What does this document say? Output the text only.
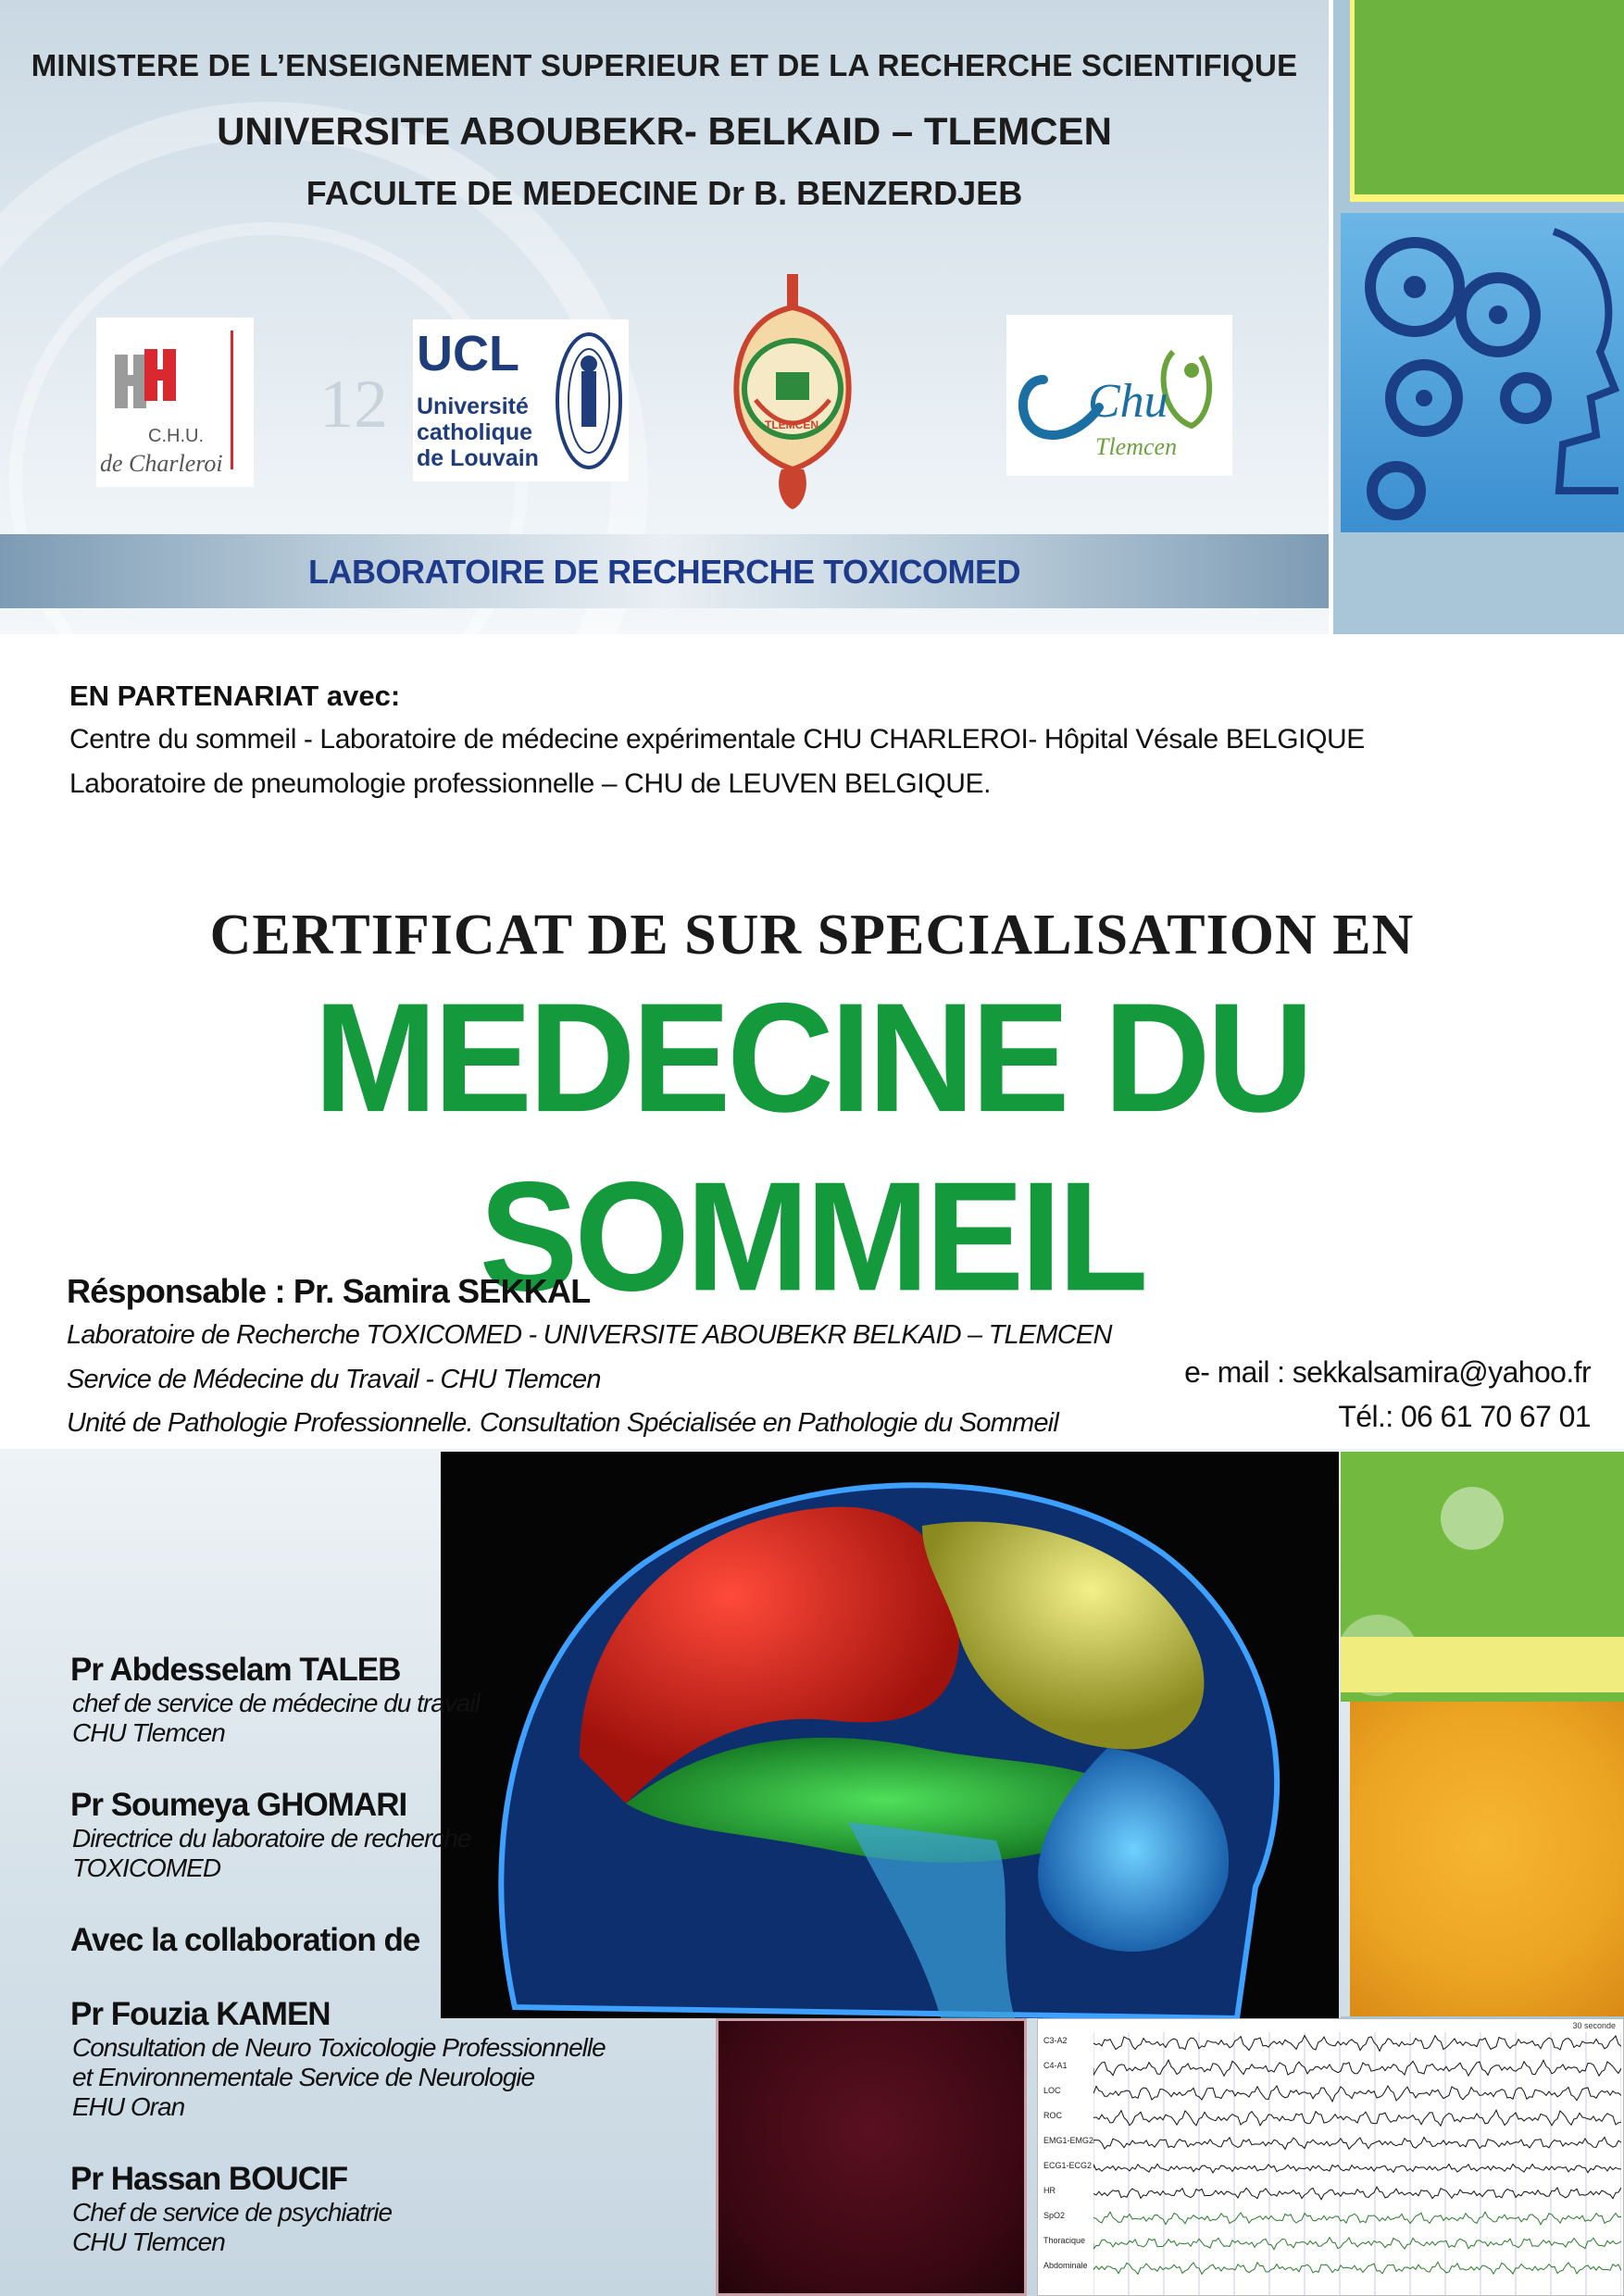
12
MINISTERE DE L’ENSEIGNEMENT SUPERIEUR ET DE LA RECHERCHE SCIENTIFIQUE
UNIVERSITE ABOUBEKR- BELKAID – TLEMCEN
FACULTE DE MEDECINE Dr B. BENZERDJEB
C.H.U.
de Charleroi
UCL
Université
catholique
de Louvain
TLEMCEN	Chu
Tlemcen
LABORATOIRE DE RECHERCHE TOXICOMED
EN PARTENARIAT avec:
Centre du sommeil - Laboratoire de médecine expérimentale CHU CHARLEROI- Hôpital Vésale BELGIQUE
Laboratoire de pneumologie professionnelle – CHU de LEUVEN BELGIQUE.
CERTIFICAT DE SUR SPECIALISATION EN
MEDECINE DU SOMMEIL
Résponsable : Pr. Samira SEKKAL
Laboratoire de Recherche TOXICOMED - UNIVERSITE ABOUBEKR BELKAID – TLEMCEN
Service de Médecine du Travail - CHU Tlemcen
Unité de Pathologie Professionnelle. Consultation Spécialisée en Pathologie du Sommeil
e- mail : sekkalsamira@yahoo.fr
Tél.: 06 61 70 67 01
30 seconde
C3-A2
C4-A1
LOC
ROC
EMG1-EMG2
ECG1-ECG2
HR
SpO2
Thoracique
Abdominale
Pr Abdesselam TALEB
chef de service de médecine du travail
CHU Tlemcen
Pr Soumeya GHOMARI
Directrice du laboratoire de recherche
TOXICOMED
Avec la collaboration de
Pr Fouzia KAMEN
Consultation de Neuro Toxicologie Professionnelle
et Environnementale Service de Neurologie
EHU Oran
Pr Hassan BOUCIF
Chef de service de psychiatrie
CHU Tlemcen
